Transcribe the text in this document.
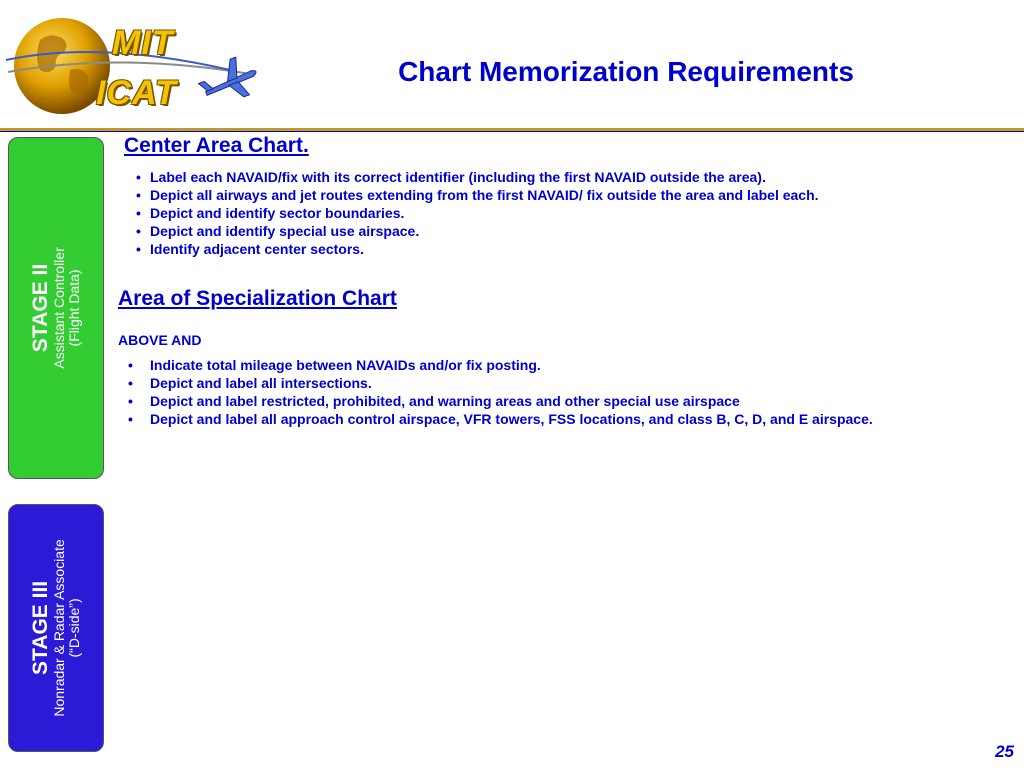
MIT
ICAT
Chart Memorization Requirements
STAGE II Assistant Controller (Flight Data)
STAGE III Nonradar & Radar Associate (“D-side”)
Center Area Chart.
• Label each NAVAID/fix with its correct identifier (including the first NAVAID outside the area).
• Depict all airways and jet routes extending from the first NAVAID/ fix outside the area and label each.
• Depict and identify sector boundaries.
• Depict and identify special use airspace.
• Identify adjacent center sectors.
Area of Specialization Chart
ABOVE AND
• Indicate total mileage between NAVAIDs and/or fix posting.
• Depict and label all intersections.
• Depict and label restricted, prohibited, and warning areas and other special use airspace
• Depict and label all approach control airspace, VFR towers, FSS locations, and class B, C, D, and E airspace.
25
